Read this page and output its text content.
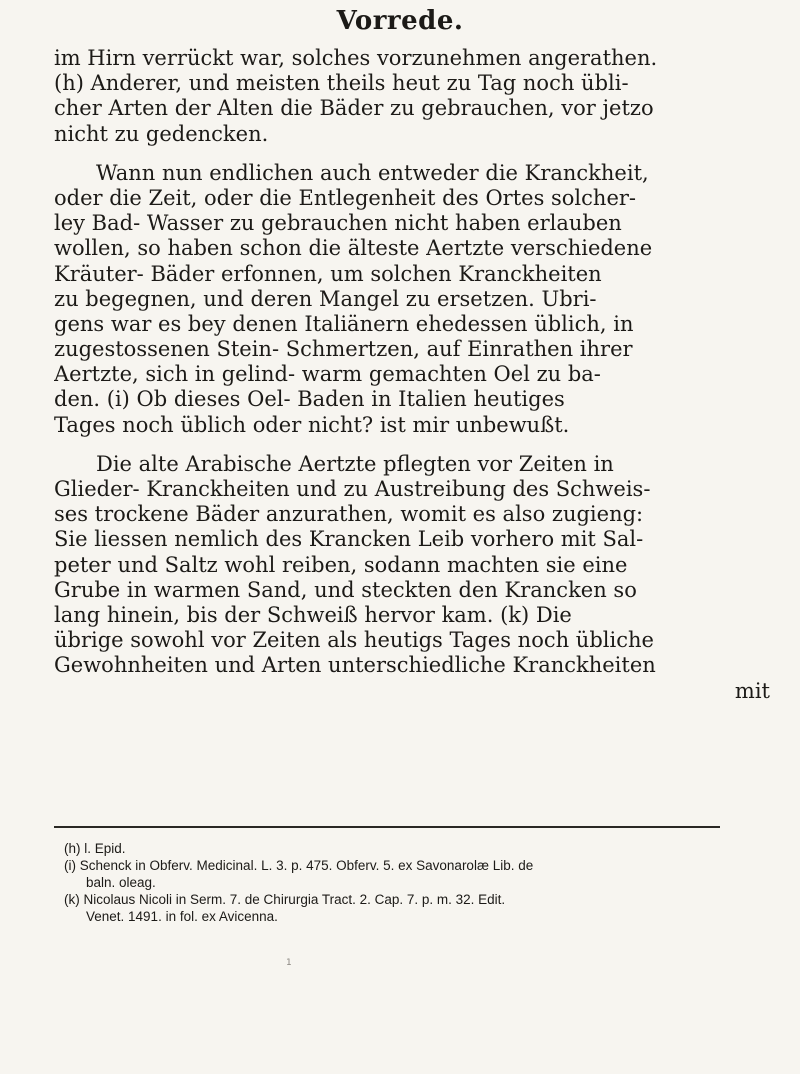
Vorrede.
im Hirn verrückt war, solches vorzunehmen angerathen.
(h) Anderer, und meisten theils heut zu Tag noch übli-
cher Arten der Alten die Bäder zu gebrauchen, vor jetzo
nicht zu gedencken.
Wann nun endlichen auch entweder die Kranckheit,
oder die Zeit, oder die Entlegenheit des Ortes solcher-
ley Bad- Wasser zu gebrauchen nicht haben erlauben
wollen, so haben schon die älteste Aertzte verschiedene
Kräuter- Bäder erfonnen, um solchen Kranckheiten
zu begegnen, und deren Mangel zu ersetzen. Ubri-
gens war es bey denen Italiänern ehedessen üblich, in
zugestossenen Stein- Schmertzen, auf Einrathen ihrer
Aertzte, sich in gelind- warm gemachten Oel zu ba-
den. (i) Ob dieses Oel- Baden in Italien heutiges
Tages noch üblich oder nicht? ist mir unbewußt.
Die alte Arabische Aertzte pflegten vor Zeiten in
Glieder- Kranckheiten und zu Austreibung des Schweis-
ses trockene Bäder anzurathen, womit es also zugieng:
Sie liessen nemlich des Krancken Leib vorhero mit Sal-
peter und Saltz wohl reiben, sodann machten sie eine
Grube in warmen Sand, und steckten den Krancken so
lang hinein, bis der Schweiß hervor kam. (k) Die
übrige sowohl vor Zeiten als heutigs Tages noch übliche
Gewohnheiten und Arten unterschiedliche Kranckheiten
mit
(h) l. Epid.
(i) Schenck in Obferv. Medicinal. L. 3. p. 475. Obferv. 5. ex Savonarolæ Lib. de
baln. oleag.
(k) Nicolaus Nicoli in Serm. 7. de Chirurgia Tract. 2. Cap. 7. p. m. 32. Edit.
Venet. 1491. in fol. ex Avicenna.
1
